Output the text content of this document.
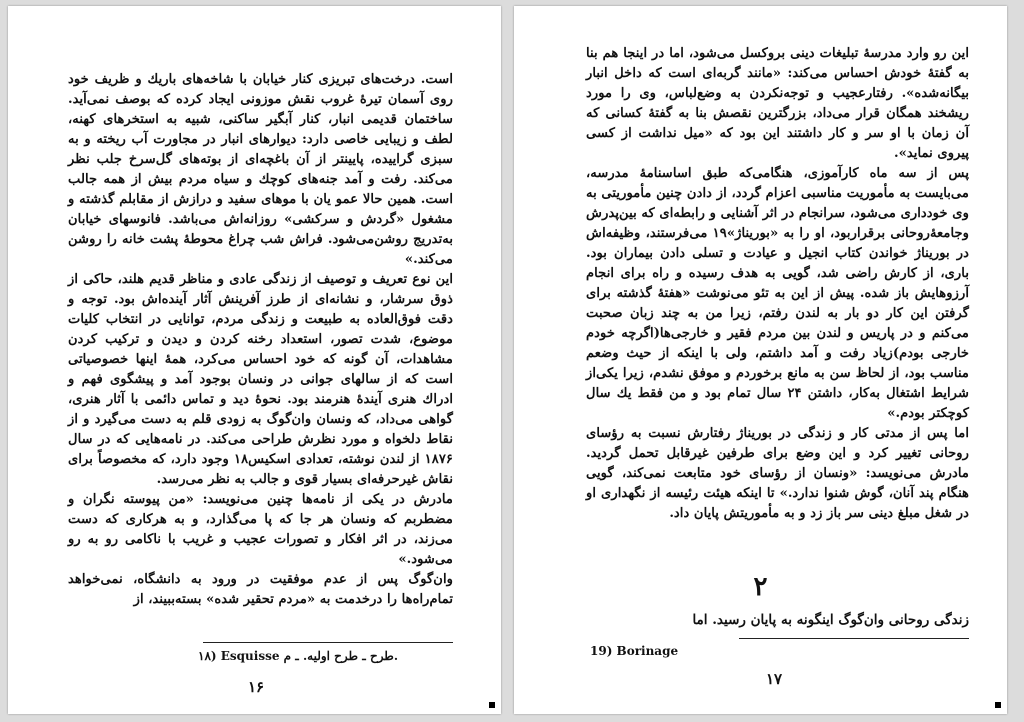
است. درخت‌های تبریزی کنار خیابان با شاخه‌های باریك و ظریف خود روی آسمان تیرهٔ غروب نقش موزونی ایجاد کرده که بوصف نمی‌آید. ساختمان قدیمی انبار، کنار آبگیر ساکنی، شبیه به استخرهای کهنه، لطف و زیبایی خاصی دارد: دیوارهای انبار در مجاورت آب ریخته و به سبزی گراییده، پایینتر از آن باغچه‌ای از بوته‌های گل‌سرخ جلب نظر می‌کند. رفت و آمد جنه‌های کوچك و سیاه مردم بیش از همه جالب است. همین حالا عمو یان با موهای سفید و درازش از مقابلم گذشته و مشغول «گردش و سرکشی» روزانه‌اش می‌باشد. فانوسهای خیابان به‌تدریج روشن‌می‌شود. فراش شب چراغ محوطهٔ پشت خانه را روشن می‌کند.»

این نوع تعریف و توصیف از زندگی عادی و مناظر قدیم هلند، حاکی از ذوق سرشار، و نشانه‌ای از طرز آفرینش آثار آینده‌اش بود. توجه و دقت فوق‌العاده به طبیعت و زندگی مردم، توانایی در انتخاب کلیات موضوع، شدت تصور، استعداد رخنه کردن و دیدن و ترکیب کردن مشاهدات، آن گونه که خود احساس می‌کرد، همهٔ اینها خصوصیاتی است که از سالهای جوانی در ونسان بوجود آمد و پیشگوی فهم و ادراك هنری آیندهٔ هنرمند بود. نحوهٔ دید و تماس دائمی با آثار هنری، گواهی می‌داد، که ونسان وان‌گوگ به زودی قلم به دست می‌گیرد و از نقاط دلخواه و مورد نظرش طراحی می‌کند. در نامه‌هایی که در سال ۱۸۷۶ از لندن نوشته، تعدادی اسکیس۱۸ وجود دارد، که مخصوصاً برای نقاش غیرحرفه‌ای بسیار قوی و جالب به نظر می‌رسد.

مادرش در یکی از نامه‌ها چنین می‌نویسد: «من پیوسته نگران و مضطربم که ونسان هر جا که پا می‌گذارد، و به هرکاری که دست می‌زند، در اثر افکار و تصورات عجیب و غریب با ناکامی رو به رو می‌شود.»

وان‌گوگ پس از عدم موفقیت در ورود به دانشگاه، نمی‌خواهد تمام‌راه‌ها را درخدمت به «مردم تحقیر شده» بسته‌ببیند، از

۱۸) Esquisse طرح ـ طرح اولیه. ـ م.
۱۶

این رو وارد مدرسهٔ تبلیغات دینی بروکسل می‌شود، اما در اینجا هم بنا به گفتهٔ خودش احساس می‌کند: «مانند گربه‌ای است که داخل انبار بیگانه‌شده». رفتارعجیب و توجه‌نکردن به وضع‌لباس، وی را مورد ریشخند همگان قرار می‌داد، بزرگترین نقصش بنا به گفتهٔ کسانی که آن زمان با او سر و کار داشتند این بود که «میل نداشت از کسی پیروی نماید».

پس از سه ماه کارآموزی، هنگامی‌که طبق اساسنامهٔ مدرسه، می‌بایست به مأموریت مناسبی اعزام گردد، از دادن چنین مأموریتی به وی خودداری می‌شود، سرانجام در اثر آشنایی و رابطه‌ای که بین‌پدرش وجامعهٔ‌روحانی برقراربود، او را به «بوریناژ»۱۹ می‌فرستند، وظیفه‌اش در بوریناژ خواندن کتاب انجیل و عیادت و تسلی دادن بیماران بود. باری، از کارش راضی شد، گویی به هدف رسیده و راه برای انجام آرزوهایش باز شده. پیش از این به تئو می‌نوشت «هفتهٔ گذشته برای گرفتن این کار دو بار به لندن رفتم، زیرا من به چند زبان صحبت می‌کنم و در پاریس و لندن بین مردم فقیر و خارجی‌ها(اگرچه خودم خارجی بودم)زیاد رفت و آمد داشتم، ولی با اینکه از حیث وضعم مناسب بود، از لحاظ سن به مانع برخوردم و موفق نشدم، زیرا یکی‌از شرایط اشتغال به‌کار، داشتن ۲۴ سال تمام بود و من فقط یك سال کوچکتر بودم.»

اما پس از مدتی کار و زندگی در بوریناژ رفتارش نسبت به رؤسای روحانی تغییر کرد و این وضع برای طرفین غیرقابل تحمل گردید. مادرش می‌نویسد: «ونسان از رؤسای خود متابعت نمی‌کند، گویی هنگام پند آنان، گوش شنوا ندارد.» تا اینکه هیئت رئیسه از نگهداری او در شغل مبلغ دینی سر باز زد و به مأموریتش پایان داد.

۲
زندگی روحانی وان‌گوگ اینگونه به پایان رسید. اما
19) Borinage
۱۷
